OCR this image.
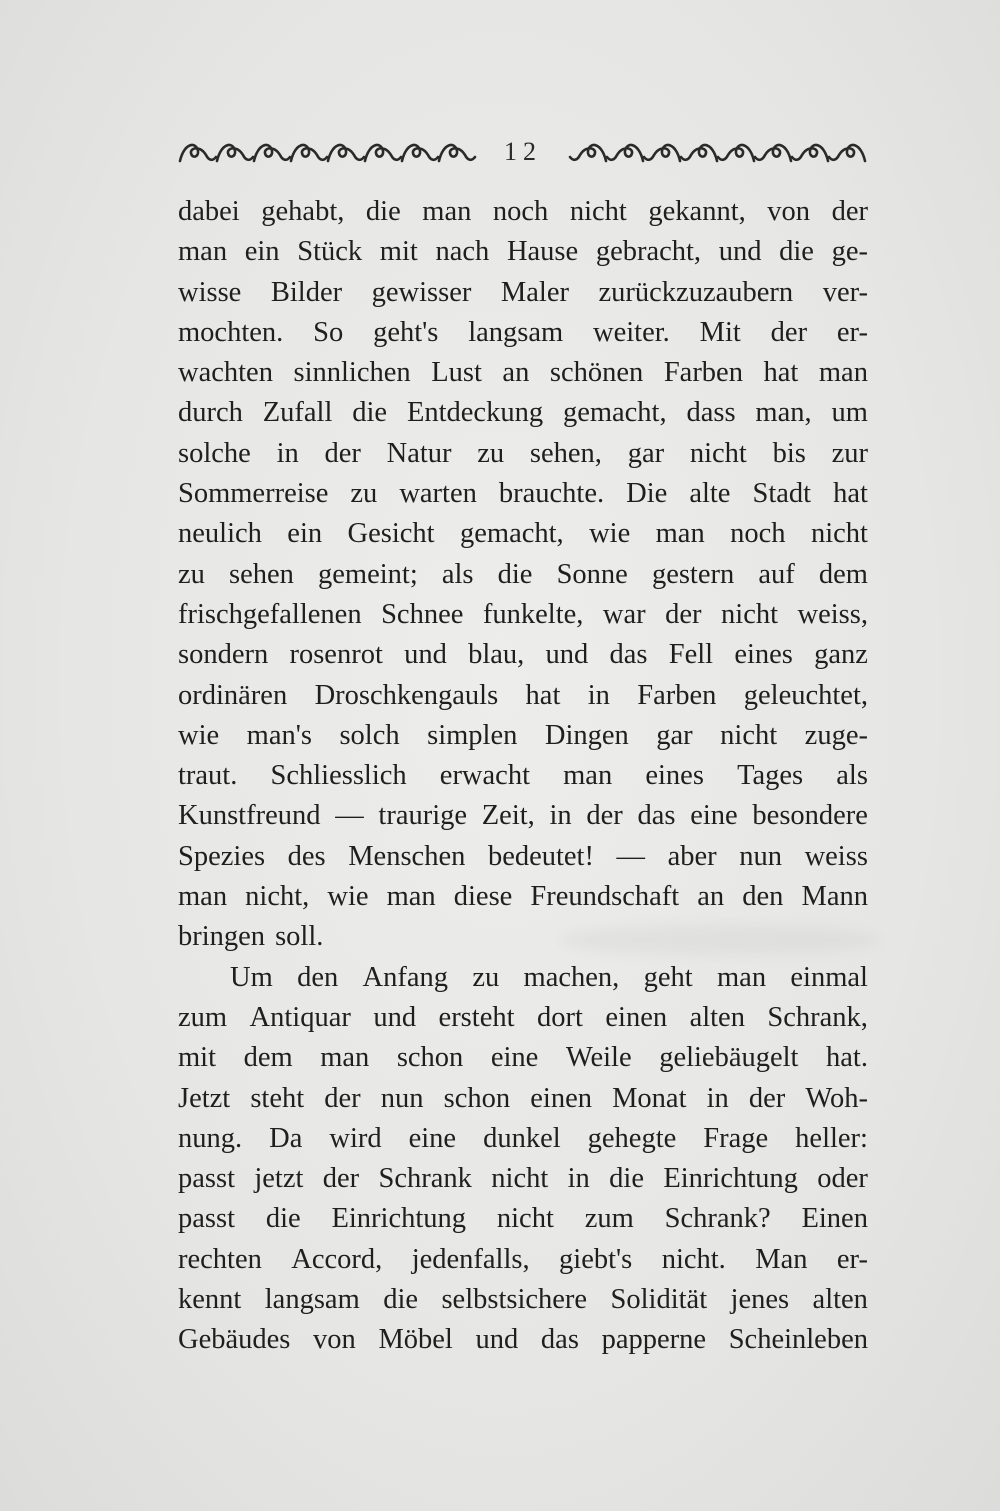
12
dabei gehabt, die man noch nicht gekannt, von der
man ein Stück mit nach Hause gebracht, und die ge-
wisse Bilder gewisser Maler zurückzuzaubern ver-
mochten. So geht's langsam weiter. Mit der er-
wachten sinnlichen Lust an schönen Farben hat man
durch Zufall die Entdeckung gemacht, dass man, um
solche in der Natur zu sehen, gar nicht bis zur
Sommerreise zu warten brauchte. Die alte Stadt hat
neulich ein Gesicht gemacht, wie man noch nicht
zu sehen gemeint; als die Sonne gestern auf dem
frischgefallenen Schnee funkelte, war der nicht weiss,
sondern rosenrot und blau, und das Fell eines ganz
ordinären Droschkengauls hat in Farben geleuchtet,
wie man's solch simplen Dingen gar nicht zuge-
traut. Schliesslich erwacht man eines Tages als
Kunstfreund — traurige Zeit, in der das eine besondere
Spezies des Menschen bedeutet! — aber nun weiss
man nicht, wie man diese Freundschaft an den Mann
bringen soll.
Um den Anfang zu machen, geht man einmal
zum Antiquar und ersteht dort einen alten Schrank,
mit dem man schon eine Weile geliebäugelt hat.
Jetzt steht der nun schon einen Monat in der Woh-
nung. Da wird eine dunkel gehegte Frage heller:
passt jetzt der Schrank nicht in die Einrichtung oder
passt die Einrichtung nicht zum Schrank? Einen
rechten Accord, jedenfalls, giebt's nicht. Man er-
kennt langsam die selbstsichere Solidität jenes alten
Gebäudes von Möbel und das papperne Scheinleben
